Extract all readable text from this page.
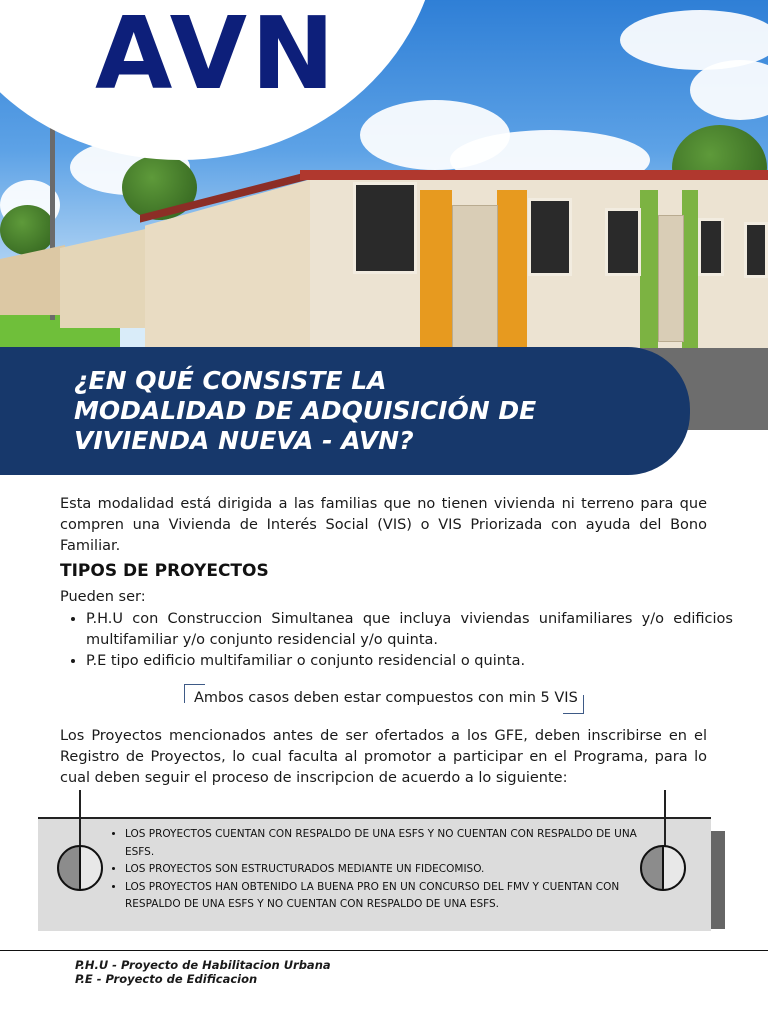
AVN
¿EN QUÉ CONSISTE LA
MODALIDAD DE ADQUISICIÓN DE
VIVIENDA NUEVA - AVN?

Esta modalidad está dirigida a las familias que no tienen vivienda ni terreno para que compren una Vivienda de Interés Social (VIS) o VIS Priorizada con ayuda del Bono Familiar.

TIPOS DE PROYECTOS
Pueden ser:
• P.H.U con Construccion Simultanea que incluya viviendas unifamiliares y/o edificios multifamiliar y/o conjunto residencial y/o quinta.
• P.E tipo edificio multifamiliar o conjunto residencial o quinta.
Ambos casos deben estar compuestos con min 5 VIS

Los Proyectos mencionados antes de ser ofertados a los GFE, deben inscribirse en el Registro de Proyectos, lo cual faculta al promotor a participar en el Programa, para lo cual deben seguir el proceso de inscripcion de acuerdo a lo siguiente:

• LOS PROYECTOS CUENTAN CON RESPALDO DE UNA ESFS Y NO CUENTAN CON RESPALDO DE UNA ESFS.
• LOS PROYECTOS SON ESTRUCTURADOS MEDIANTE UN FIDECOMISO.
• LOS PROYECTOS HAN OBTENIDO LA BUENA PRO EN UN CONCURSO DEL FMV Y CUENTAN CON RESPALDO DE UNA ESFS Y NO CUENTAN CON RESPALDO DE UNA ESFS.
P.H.U - Proyecto de Habilitacion Urbana
P.E - Proyecto de Edificacion
